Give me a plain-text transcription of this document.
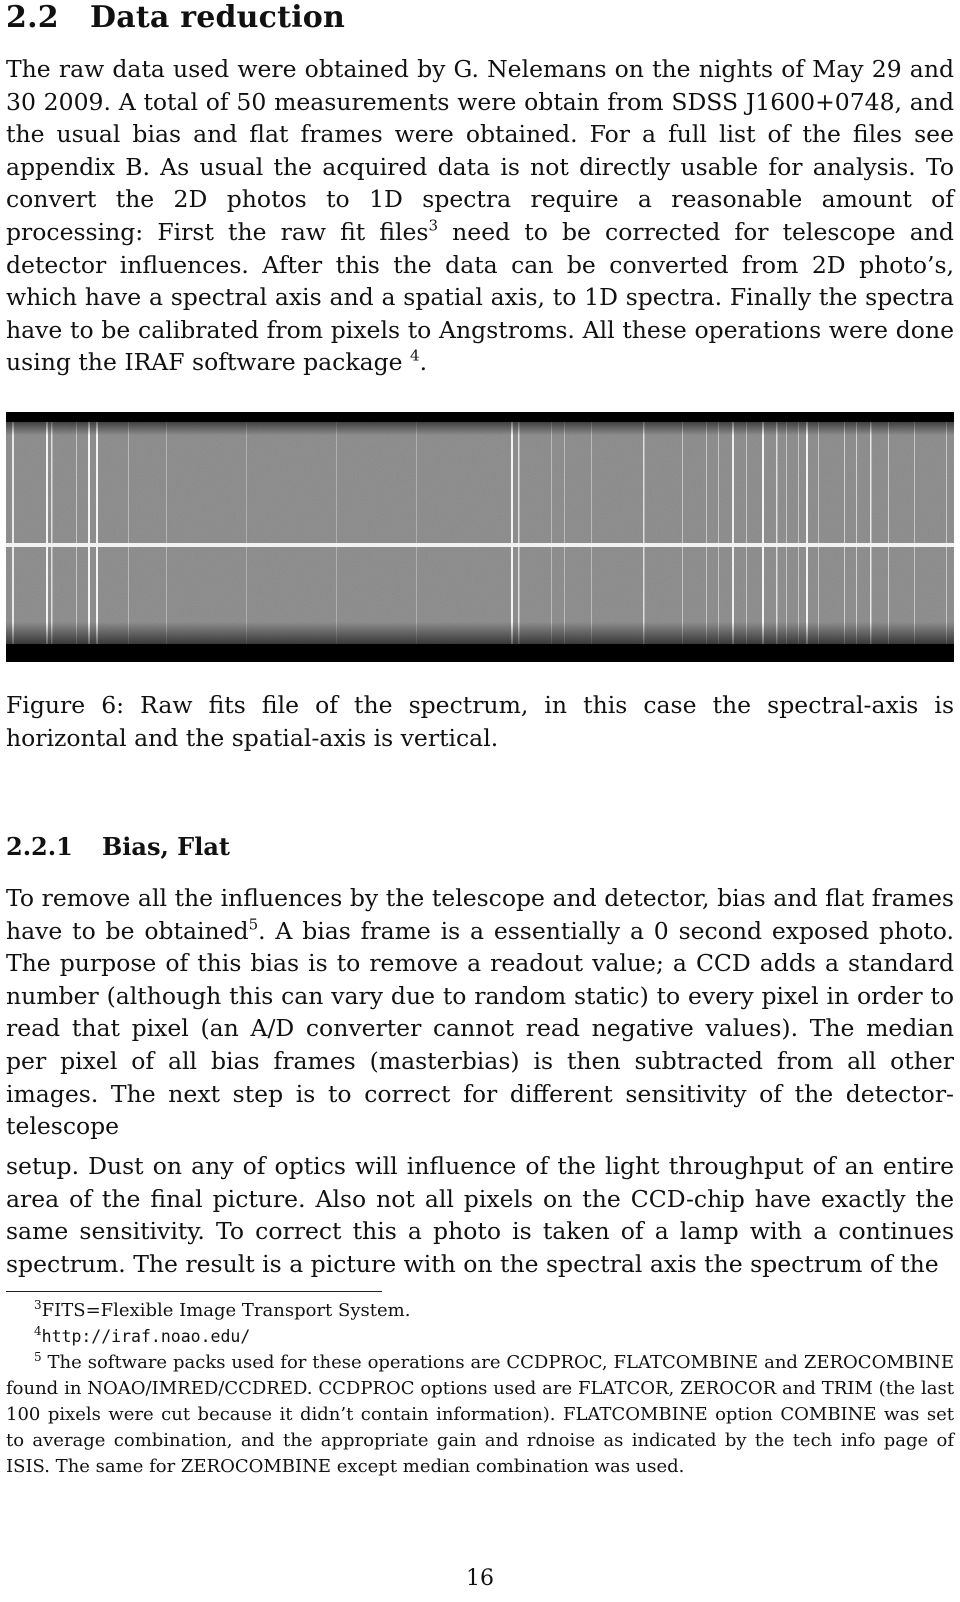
2.2 Data reduction

The raw data used were obtained by G. Nelemans on the nights of May 29 and 30 2009. A total of 50 measurements were obtain from SDSS J1600+0748, and the usual bias and flat frames were obtained. For a full list of the files see appendix B. As usual the acquired data is not directly usable for analysis. To convert the 2D photos to 1D spectra require a reasonable amount of processing: First the raw fit files$^3$ need to be corrected for telescope and detector influences. After this the data can be converted from 2D photo’s, which have a spectral axis and a spatial axis, to 1D spectra. Finally the spectra have to be calibrated from pixels to Angstroms. All these operations were done using the IRAF software package $^4$.

Figure 6: Raw fits file of the spectrum, in this case the spectral-axis is horizontal and the spatial-axis is vertical.

2.2.1 Bias, Flat

To remove all the influences by the telescope and detector, bias and flat frames have to be obtained$^5$. A bias frame is a essentially a 0 second exposed photo. The purpose of this bias is to remove a readout value; a CCD adds a standard number (although this can vary due to random static) to every pixel in order to read that pixel (an A/D converter cannot read negative values). The median per pixel of all bias frames (masterbias) is then subtracted from all other images. The next step is to correct for different sensitivity of the detector-telescope

setup. Dust on any of optics will influence of the light throughput of an entire area of the final picture. Also not all pixels on the CCD-chip have exactly the same sensitivity. To correct this a photo is taken of a lamp with a continues spectrum. The result is a picture with on the spectral axis the spectrum of the

$^3$FITS=Flexible Image Transport System.

$^4$http://iraf.noao.edu/

$^5$ The software packs used for these operations are CCDPROC, FLATCOMBINE and ZEROCOMBINE found in NOAO/IMRED/CCDRED. CCDPROC options used are FLATCOR, ZEROCOR and TRIM (the last 100 pixels were cut because it didn’t contain information). FLATCOMBINE option COMBINE was set to average combination, and the appropriate gain and rdnoise as indicated by the tech info page of ISIS. The same for ZEROCOMBINE except median combination was used.

16
